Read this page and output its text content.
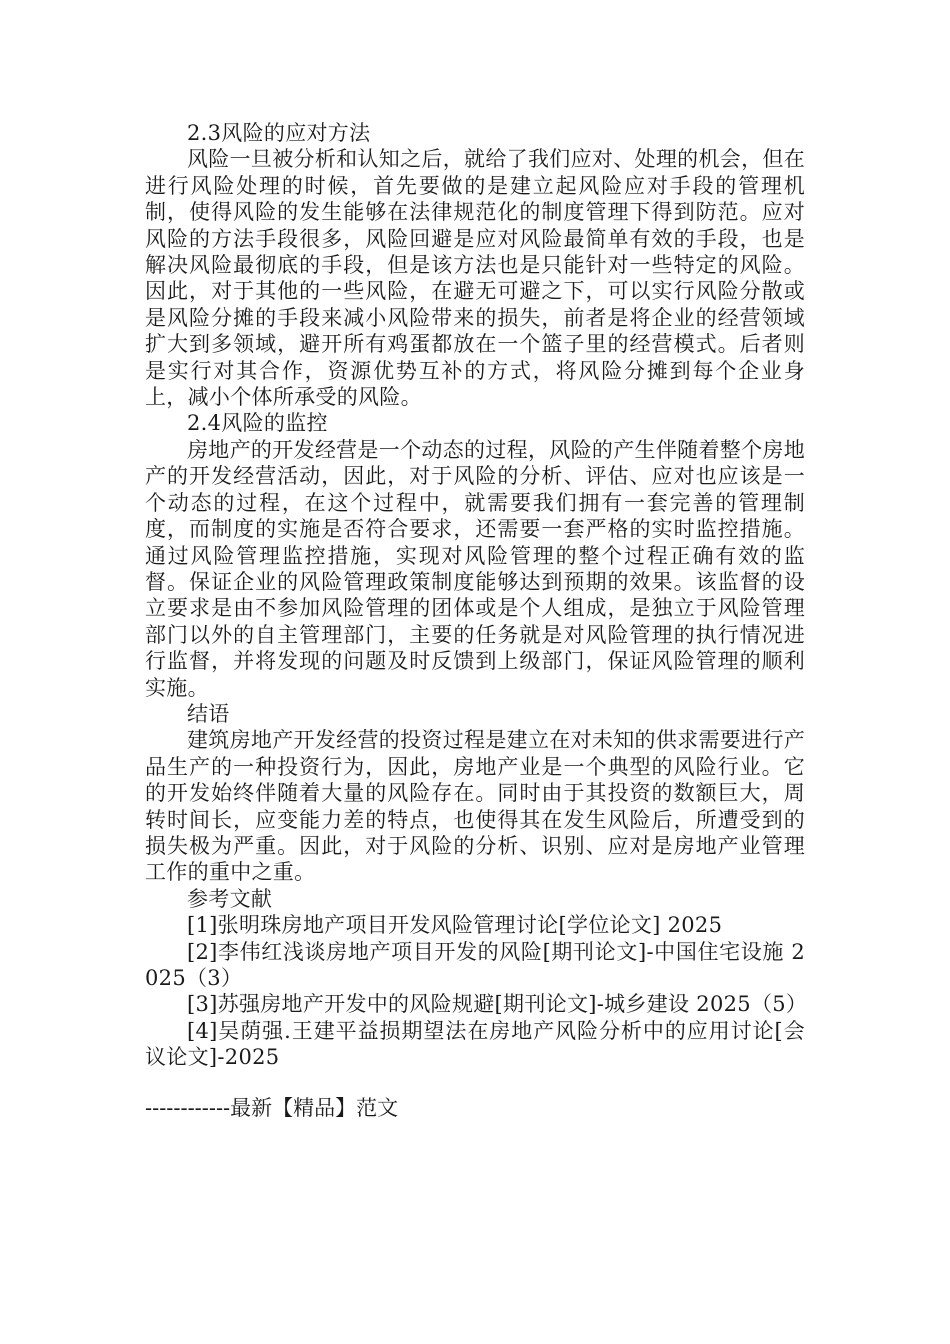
2.3风险的应对方法

风险一旦被分析和认知之后，就给了我们应对、处理的机会，但在进行风险处理的时候，首先要做的是建立起风险应对手段的管理机制，使得风险的发生能够在法律规范化的制度管理下得到防范。应对风险的方法手段很多，风险回避是应对风险最简单有效的手段，也是解决风险最彻底的手段，但是该方法也是只能针对一些特定的风险。因此，对于其他的一些风险，在避无可避之下，可以实行风险分散或是风险分摊的手段来减小风险带来的损失，前者是将企业的经营领域扩大到多领域，避开所有鸡蛋都放在一个篮子里的经营模式。后者则是实行对其合作，资源优势互补的方式，将风险分摊到每个企业身上，减小个体所承受的风险。

2.4风险的监控

房地产的开发经营是一个动态的过程，风险的产生伴随着整个房地产的开发经营活动，因此，对于风险的分析、评估、应对也应该是一个动态的过程，在这个过程中，就需要我们拥有一套完善的管理制度，而制度的实施是否符合要求，还需要一套严格的实时监控措施。通过风险管理监控措施，实现对风险管理的整个过程正确有效的监督。保证企业的风险管理政策制度能够达到预期的效果。该监督的设立要求是由不参加风险管理的团体或是个人组成，是独立于风险管理部门以外的自主管理部门，主要的任务就是对风险管理的执行情况进行监督，并将发现的问题及时反馈到上级部门，保证风险管理的顺利实施。

结语

建筑房地产开发经营的投资过程是建立在对未知的供求需要进行产品生产的一种投资行为，因此，房地产业是一个典型的风险行业。它的开发始终伴随着大量的风险存在。同时由于其投资的数额巨大，周转时间长，应变能力差的特点，也使得其在发生风险后，所遭受到的损失极为严重。因此，对于风险的分析、识别、应对是房地产业管理工作的重中之重。

参考文献

[1]张明珠房地产项目开发风险管理讨论[学位论文] 2025

[2]李伟红浅谈房地产项目开发的风险[期刊论文]-中国住宅设施 2025（3）

[3]苏强房地产开发中的风险规避[期刊论文]-城乡建设 2025（5）

[4]吴荫强.王建平益损期望法在房地产风险分析中的应用讨论[会议论文]-2025

------------最新【精品】范文
